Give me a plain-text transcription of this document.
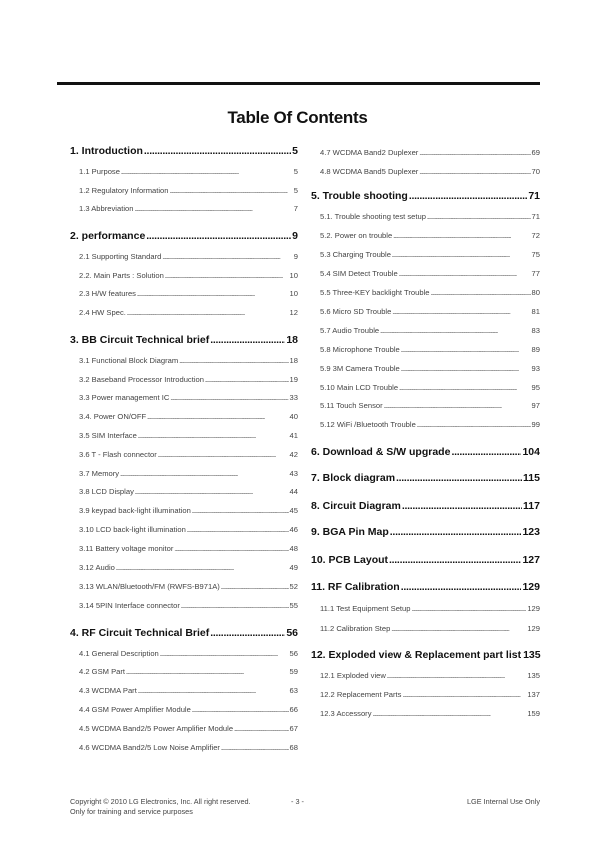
Table Of Contents
1. Introduction . . .	5
1.1 Purpose . . .	5
1.2 Regulatory Information . . .	5
1.3 Abbreviation . . .	7
2. performance . . .	9
2.1 Supporting Standard . . .	9
2.2. Main Parts : Solution . . .	10
2.3 H/W features . . .	10
2.4 HW Spec. . . .	12
3. BB Circuit Technical brief . . .	18
3.1 Functional Block Diagram . . .	18
3.2 Baseband Processor Introduction . . .	19
3.3 Power management IC . . .	33
3.4. Power ON/OFF . . .	40
3.5 SIM Interface . . .	41
3.6 T - Flash connector . . .	42
3.7 Memory . . .	43
3.8 LCD Display . . .	44
3.9 keypad back-light illumination . . .	45
3.10 LCD back-light illumination . . .	46
3.11 Battery voltage monitor . . .	48
3.12 Audio . . .	49
3.13 WLAN/Bluetooth/FM (RWFS-B971A) . . .	52
3.14 5PIN Interface connector . . .	55
4. RF Circuit Technical Brief . . .	56
4.1 General Description . . .	56
4.2 GSM Part . . .	59
4.3 WCDMA Part . . .	63
4.4 GSM Power Amplifier Module . . .	66
4.5 WCDMA Band2/5 Power Amplifier Module . . .	67
4.6 WCDMA Band2/5 Low Noise Amplifier . . .	68
4.7 WCDMA Band2 Duplexer . . .	69
4.8 WCDMA Band5 Duplexer . . .	70
5. Trouble shooting . . .	71
5.1. Trouble shooting test setup . . .	71
5.2. Power on trouble . . .	72
5.3 Charging Trouble . . .	75
5.4 SIM Detect Trouble . . .	77
5.5 Three-KEY backlight Trouble . . .	80
5.6 Micro SD Trouble . . .	81
5.7 Audio Trouble . . .	83
5.8 Microphone Trouble . . .	89
5.9 3M Camera Trouble . . .	93
5.10 Main LCD Trouble . . .	95
5.11 Touch Sensor . . .	97
5.12 WiFi /Bluetooth Trouble . . .	99
6. Download & S/W upgrade . . .	104
7. Block diagram . . .	115
8. Circuit Diagram . . .	117
9. BGA Pin Map . . .	123
10. PCB Layout . . .	127
11. RF Calibration . . .	129
11.1 Test Equipment Setup . . .	129
11.2 Calibration Step . . .	129
12. Exploded view & Replacement part list 135
12.1 Exploded view . . .	135
12.2 Replacement Parts . . .	137
12.3 Accessory . . .	159
Copyright © 2010 LG Electronics, Inc. All right reserved.
Only for training and service purposes
- 3 -	LGE Internal Use Only
